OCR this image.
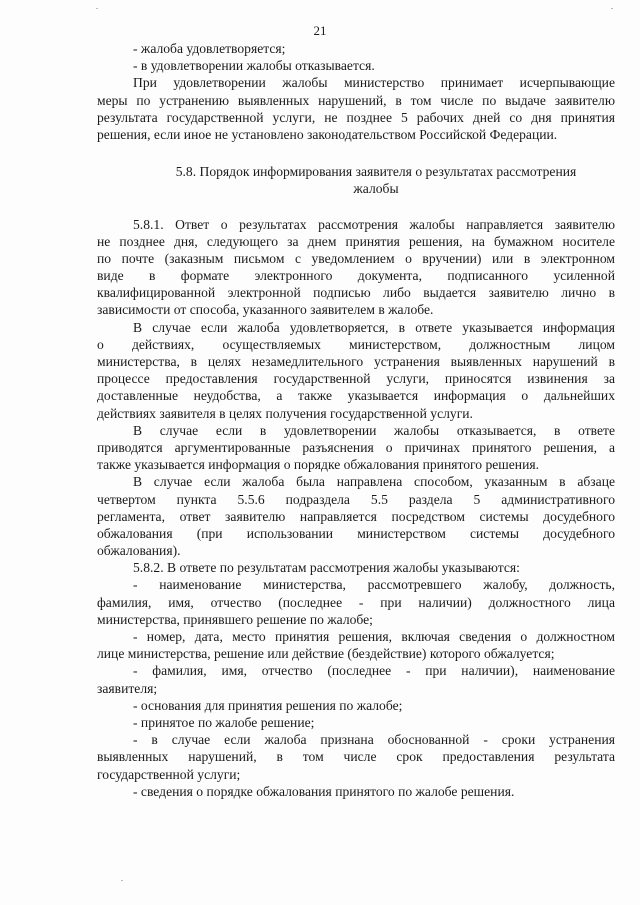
21
- жалоба удовлетворяется;
- в удовлетворении жалобы отказывается.
При удовлетворении жалобы министерство принимает исчерпывающие
меры по устранению выявленных нарушений, в том числе по выдаче заявителю
результата государственной услуги, не позднее 5 рабочих дней со дня принятия
решения, если иное не установлено законодательством Российской Федерации.
5.8. Порядок информирования заявителя о результатах рассмотрения
жалобы
5.8.1. Ответ о результатах рассмотрения жалобы направляется заявителю
не позднее дня, следующего за днем принятия решения, на бумажном носителе
по почте (заказным письмом с уведомлением о вручении) или в электронном
виде в формате электронного документа, подписанного усиленной
квалифицированной электронной подписью либо выдается заявителю лично в
зависимости от способа, указанного заявителем в жалобе.
В случае если жалоба удовлетворяется, в ответе указывается информация
о действиях, осуществляемых министерством, должностным лицом
министерства, в целях незамедлительного устранения выявленных нарушений в
процессе предоставления государственной услуги, приносятся извинения за
доставленные неудобства, а также указывается информация о дальнейших
действиях заявителя в целях получения государственной услуги.
В случае если в удовлетворении жалобы отказывается, в ответе
приводятся аргументированные разъяснения о причинах принятого решения, а
также указывается информация о порядке обжалования принятого решения.
В случае если жалоба была направлена способом, указанным в абзаце
четвертом пункта 5.5.6 подраздела 5.5 раздела 5 административного
регламента, ответ заявителю направляется посредством системы досудебного
обжалования (при использовании министерством системы досудебного
обжалования).
5.8.2. В ответе по результатам рассмотрения жалобы указываются:
- наименование министерства, рассмотревшего жалобу, должность,
фамилия, имя, отчество (последнее - при наличии) должностного лица
министерства, принявшего решение по жалобе;
- номер, дата, место принятия решения, включая сведения о должностном
лице министерства, решение или действие (бездействие) которого обжалуется;
- фамилия, имя, отчество (последнее - при наличии), наименование
заявителя;
- основания для принятия решения по жалобе;
- принятое по жалобе решение;
- в случае если жалоба признана обоснованной - сроки устранения
выявленных нарушений, в том числе срок предоставления результата
государственной услуги;
- сведения о порядке обжалования принятого по жалобе решения.
